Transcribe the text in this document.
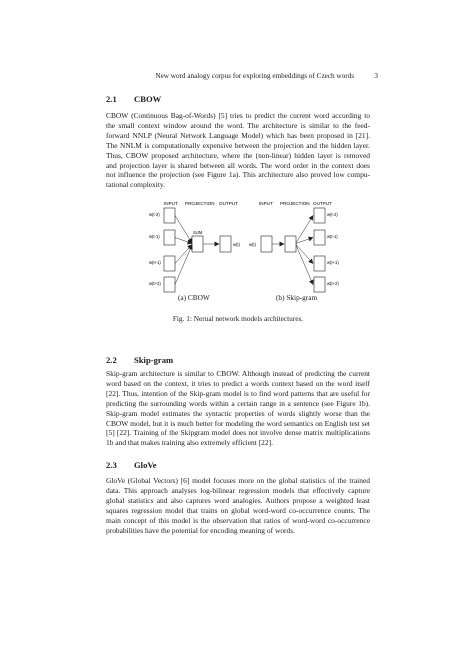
New word analogy corpus for exploring embeddings of Czech words	3
2.1 CBOW
CBOW (Continuous Bag-of-Words) [5] tries to predict the current word according to
the small context window around the word. The architecture is similar to the feed-
forward NNLP (Neural Network Language Model) which has been proposed in [21].
The NNLM is computationally expensive between the projection and the hidden layer.
Thus, CBOW proposed architecture, where the (non-linear) hidden layer is removed
and projection layer is shared between all words. The word order in the context does
not influence the projection (see Figure 1a). This architecture also proved low compu-
tational complexity.
INPUT PROJECTION OUTPUT
w(t-2)
w(t-1)
w(t+1)
w(t+2)
SUM
w(t)
INPUT PROJECTION OUTPUT
w(t)
w(t-2)
w(t-1)
w(t+1)
w(t+2)
(a) CBOW	(b) Skip-gram
Fig. 1: Nerual network models architectures.
2.2 Skip-gram
Skip-gram architecture is similar to CBOW. Although instead of predicting the current
word based on the context, it tries to predict a words context based on the word itself
[22]. Thus, intention of the Skip-gram model is to find word patterns that are useful for
predicting the surrounding words within a certain range in a sentence (see Figure 1b).
Skip-gram model estimates the syntactic properties of words slightly worse than the
CBOW model, but it is much better for modeling the word semantics on English test set
[5] [22]. Training of the Skipgram model does not involve dense matrix multiplications
1b and that makes training also extremely efficient [22].
2.3 GloVe
GloVe (Global Vectors) [6] model focuses more on the global statistics of the trained
data. This approach analyses log-bilinear regression models that effectively capture
global statistics and also captures word analogies. Authors propose a weighted least
squares regression model that trains on global word-word co-occurrence counts. The
main concept of this model is the observation that ratios of word-word co-occurrence
probabilities have the potential for encoding meaning of words.
